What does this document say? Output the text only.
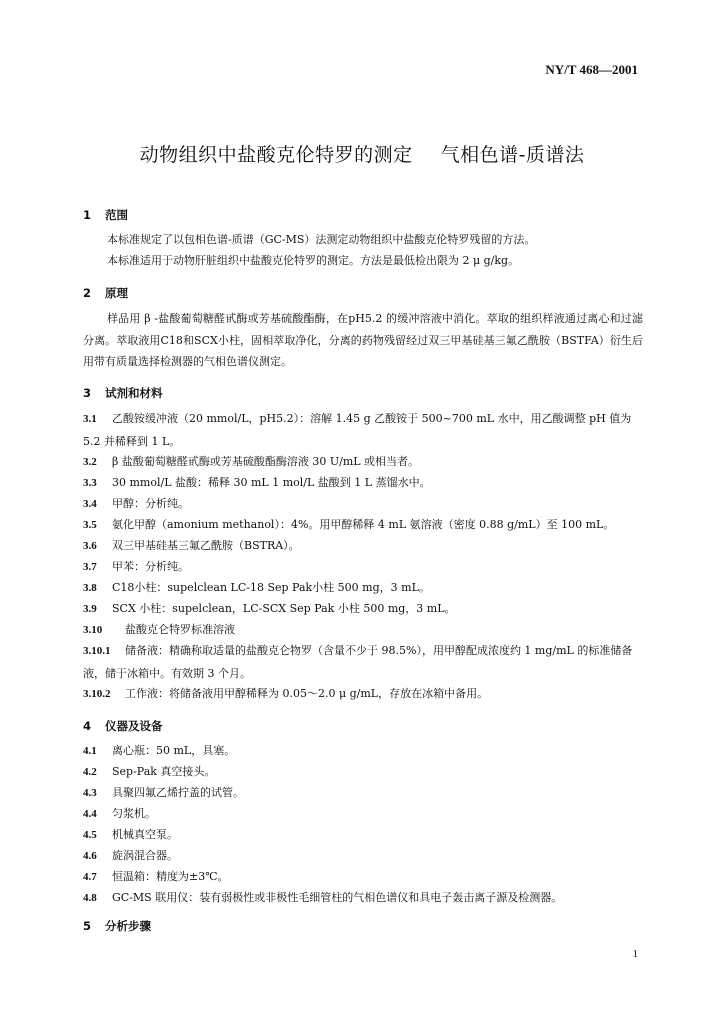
NY/T 468—2001
动物组织中盐酸克伦特罗的测定 气相色谱-质谱法
1 范围
本标准规定了以包相色谱-质谱（GC-MS）法测定动物组织中盐酸克伦特罗残留的方法。
本标准适用于动物肝脏组织中盐酸克伦特罗的测定。方法是最低检出限为 2 μ g/kg。
2 原理
样品用 β -盐酸葡萄糖醛甙酶或芳基硫酸酯酶，在pH5.2 的缓冲溶液中消化。萃取的组织样液通过离心和过滤分离。萃取液用C18和SCX小柱，固相萃取净化，分离的药物残留经过双三甲基硅基三氟乙酰胺（BSTFA）衍生后用带有质量选择检测器的气相色谱仪测定。
3 试剂和材料
3.1 乙酸铵缓冲液（20 mmol/L，pH5.2）：溶解 1.45 g 乙酸铵于 500~700 mL 水中，用乙酸调整 pH 值为 5.2 并稀释到 1 L。
3.2 β 盐酸葡萄糖醛甙酶或芳基硫酸酯酶溶液 30 U/mL 或相当者。
3.3 30 mmol/L 盐酸：稀释 30 mL 1 mol/L 盐酸到 1 L 蒸馏水中。
3.4 甲醇：分析纯。
3.5 氨化甲醇（amonium methanol）：4%。用甲醇稀释 4 mL 氨溶液（密度 0.88 g/mL）至 100 mL。
3.6 双三甲基硅基三氟乙酰胺（BSTRA）。
3.7 甲苯：分析纯。
3.8 C18小柱：supelclean LC-18 Sep Pak小柱 500 mg，3 mL。
3.9 SCX 小柱：supelclean，LC-SCX Sep Pak 小柱 500 mg，3 mL。
3.10 盐酸克仑特罗标准溶液
3.10.1 储备液：精确称取适量的盐酸克仑物罗（含量不少于 98.5%），用甲醇配成浓度约 1 mg/mL 的标准储备液，储于冰箱中。有效期 3 个月。
3.10.2 工作液：将储备液用甲醇稀释为 0.05～2.0 μ g/mL，存放在冰箱中备用。
4 仪器及设备
4.1 离心瓶：50 mL，具塞。
4.2 Sep-Pak 真空接头。
4.3 具聚四氟乙烯拧盖的试管。
4.4 匀浆机。
4.5 机械真空泵。
4.6 旋涡混合器。
4.7 恒温箱：精度为±3℃。
4.8 GC-MS 联用仪：装有弱极性或非极性毛细管柱的气相色谱仪和具电子轰击离子源及检测器。
5 分析步骤
1
